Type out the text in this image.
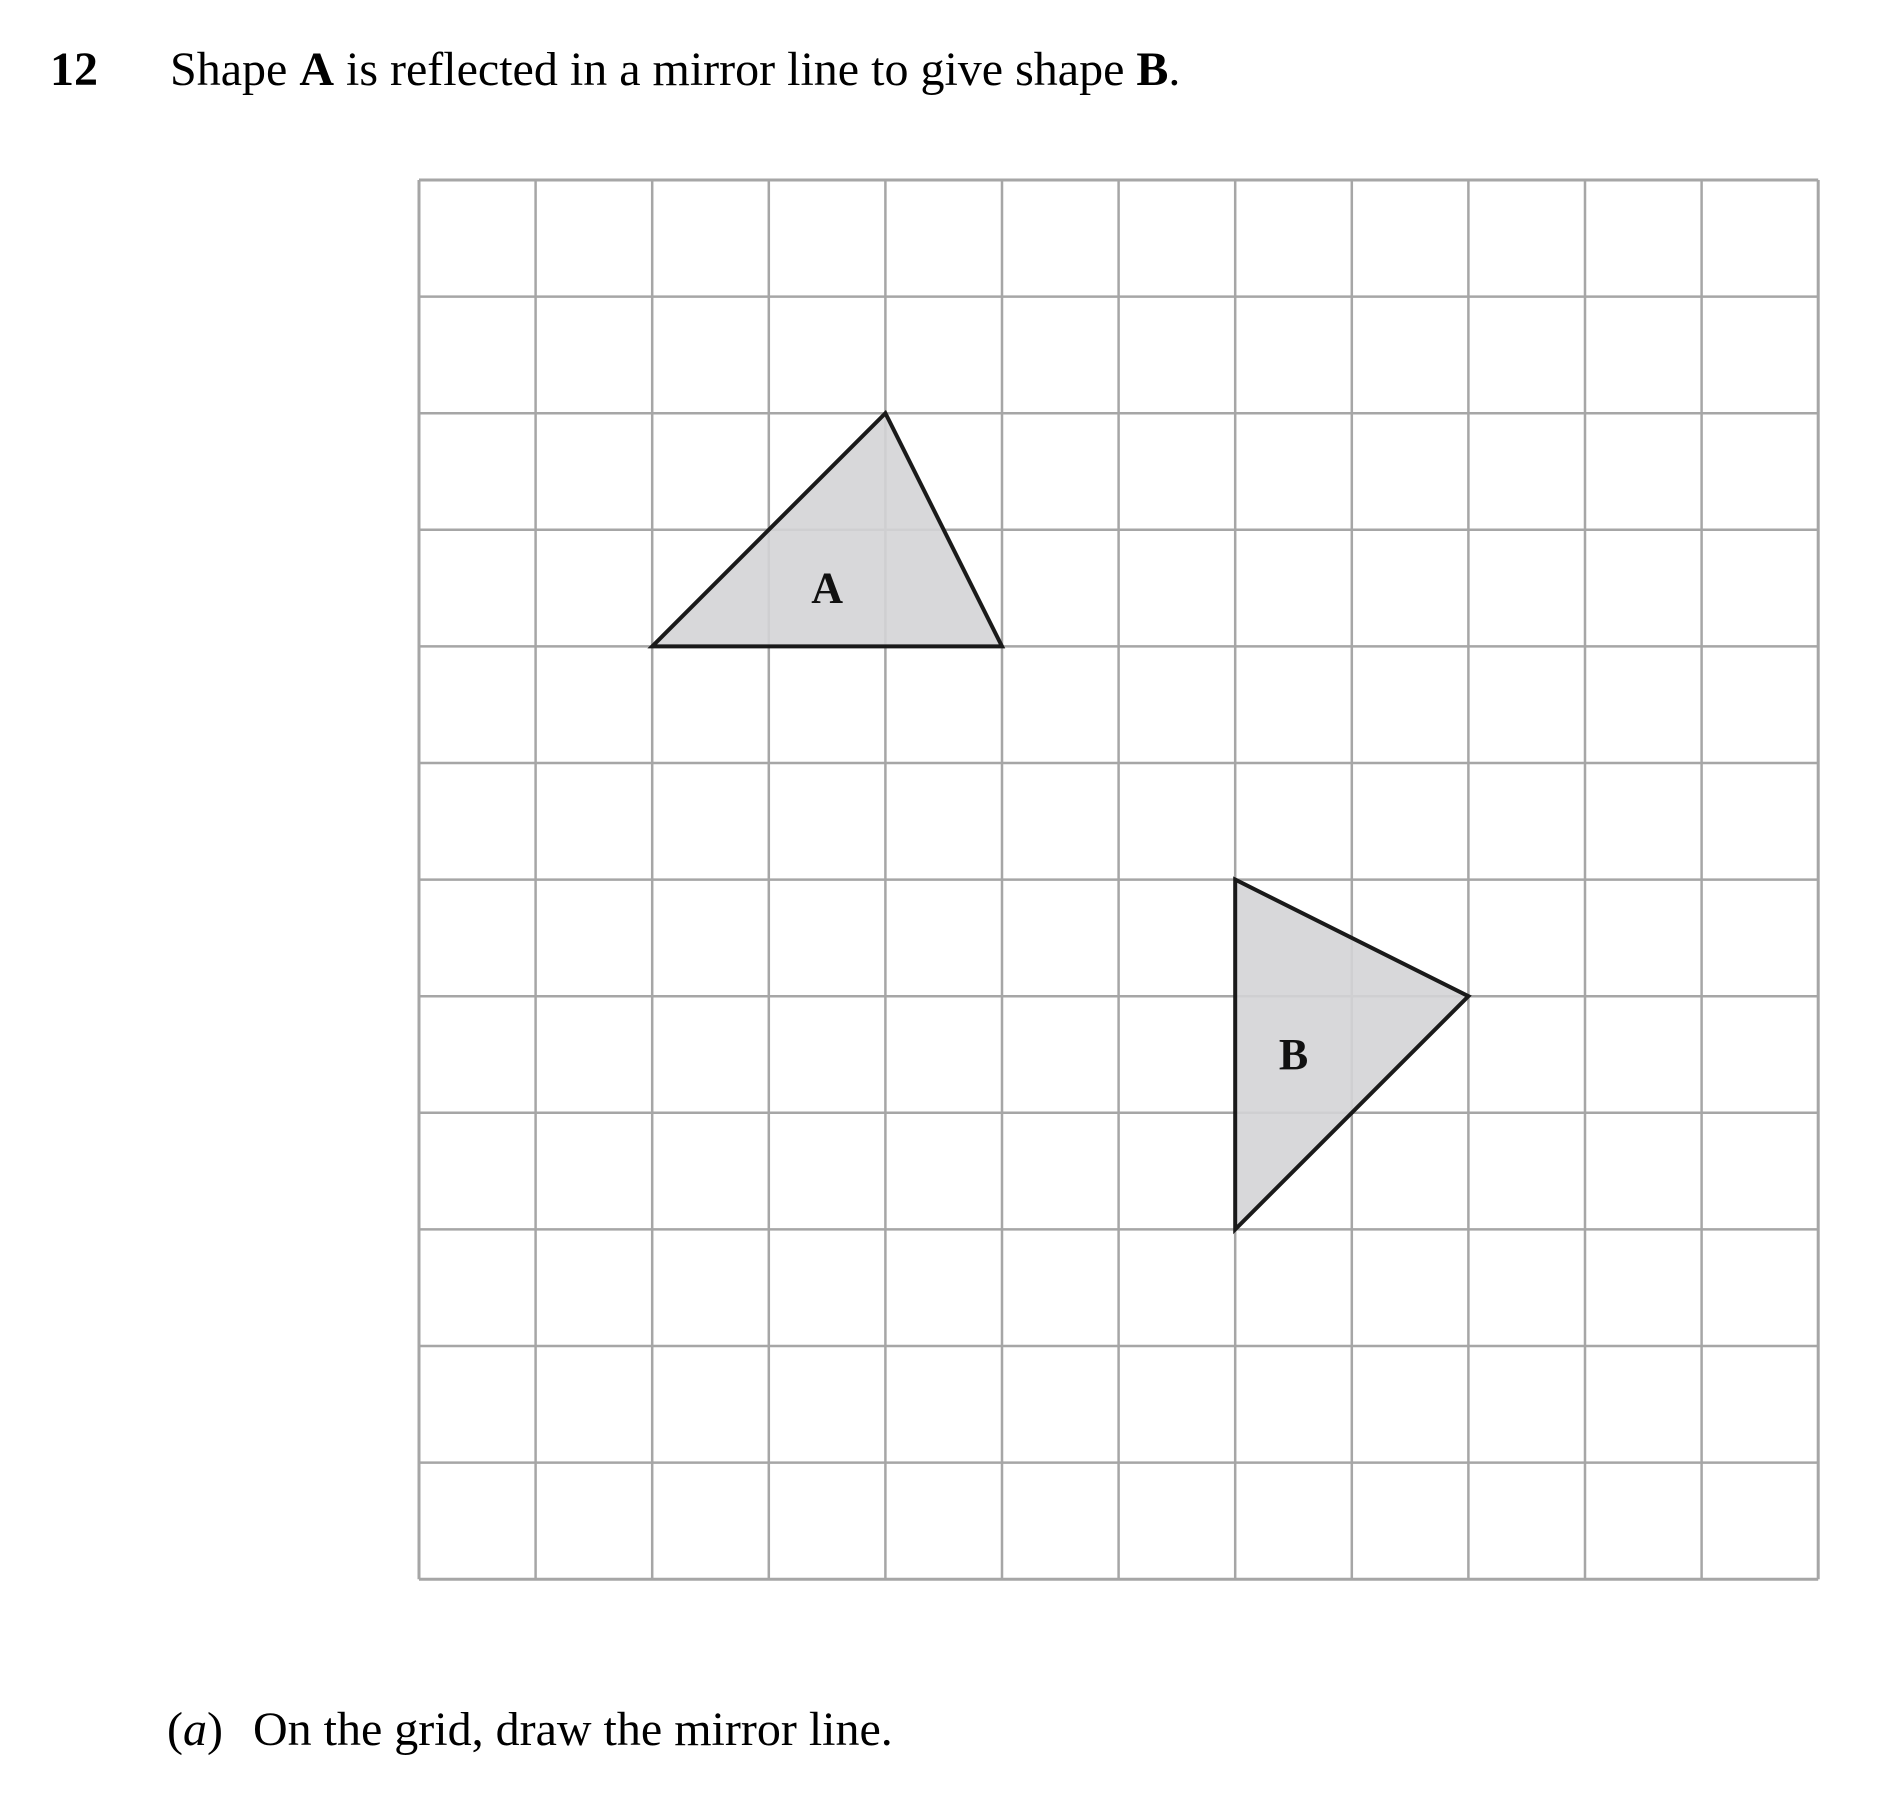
12 Shape A is reflected in a mirror line to give shape B.
A
B
(a) On the grid, draw the mirror line.
